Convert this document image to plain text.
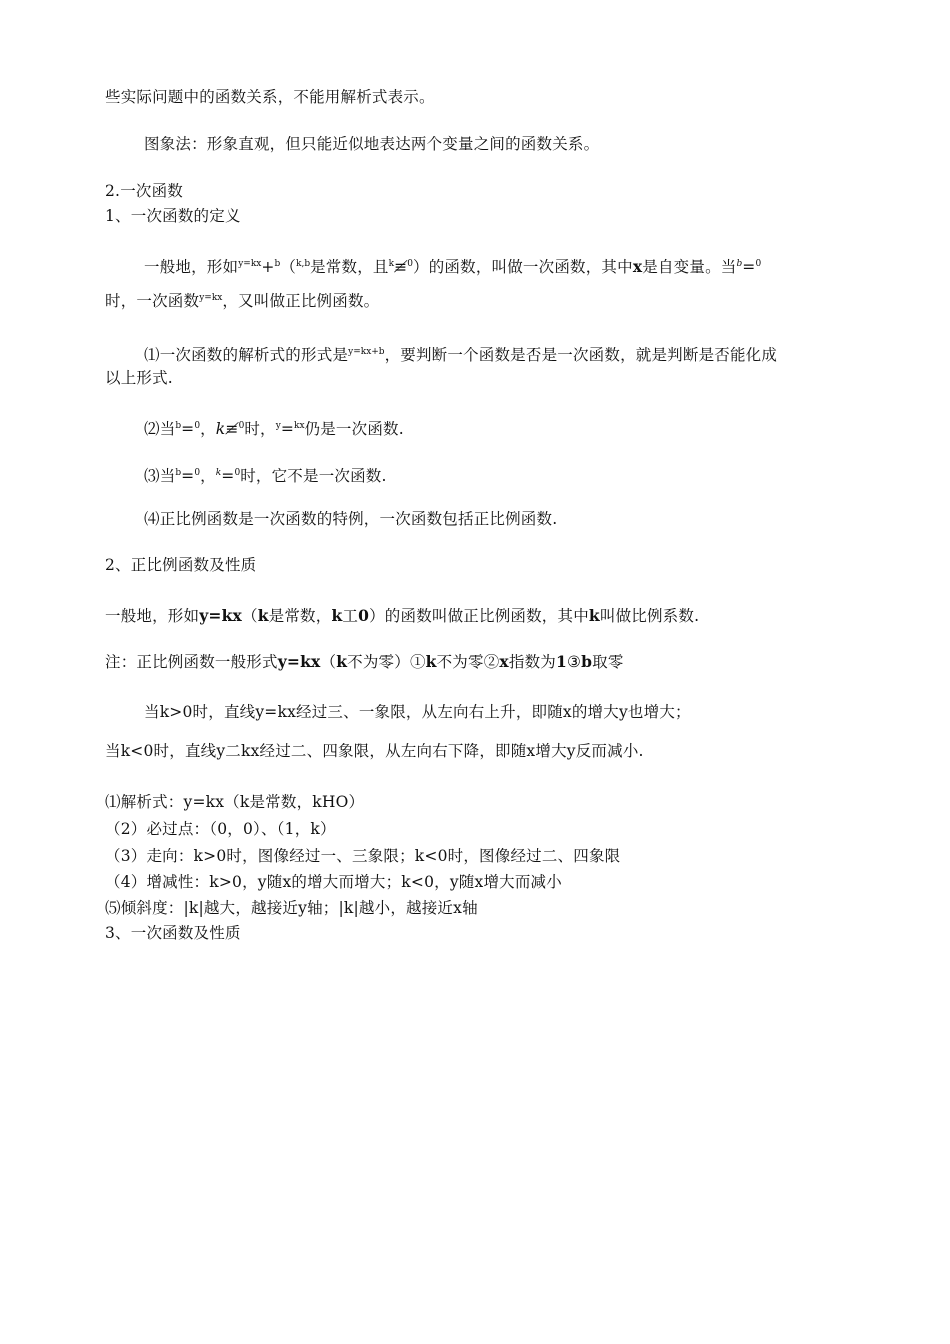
些实际问题中的函数关系，不能用解析式表示。
图象法：形象直观，但只能近似地表达两个变量之间的函数关系。
2.一次函数
1、一次函数的定义
一般地，形如$^{y=kx}$+$^b$（$^{k,b}$是常数，且$^k$≢$^0$）的函数，叫做一次函数，其中x是自变量。当$^b$=$^0$
时，一次函数$^{y=kx}$，又叫做正比例函数。
⑴一次函数的解析式的形式是$^{y=kx+b}$，要判断一个函数是否是一次函数，就是判断是否能化成
以上形式.
⑵当$^b$=$^0$，k≢$^0$时，$^y$=$^{kx}$仍是一次函数.
⑶当$^b$=$^0$，$^k$=$^0$时，它不是一次函数.
⑷正比例函数是一次函数的特例，一次函数包括正比例函数.
2、正比例函数及性质
一般地，形如y=kx（k是常数，k工0）的函数叫做正比例函数，其中k叫做比例系数.
注：正比例函数一般形式y=kx（k不为零）①k不为零②x指数为1③b取零
当k>0时，直线y=kx经过三、一象限，从左向右上升，即随x的增大y也增大；
当k<0时，直线y二kx经过二、四象限，从左向右下降，即随x增大y反而减小.
⑴解析式：y=kx（k是常数，kHO）
（2）必过点：（0，0）、（1，k）
（3）走向：k>0时，图像经过一、三象限；k<0时，图像经过二、四象限
（4）增减性：k>0，y随x的增大而增大；k<0，y随x增大而减小
⑸倾斜度：|k|越大，越接近y轴；|k|越小，越接近x轴
3、一次函数及性质
